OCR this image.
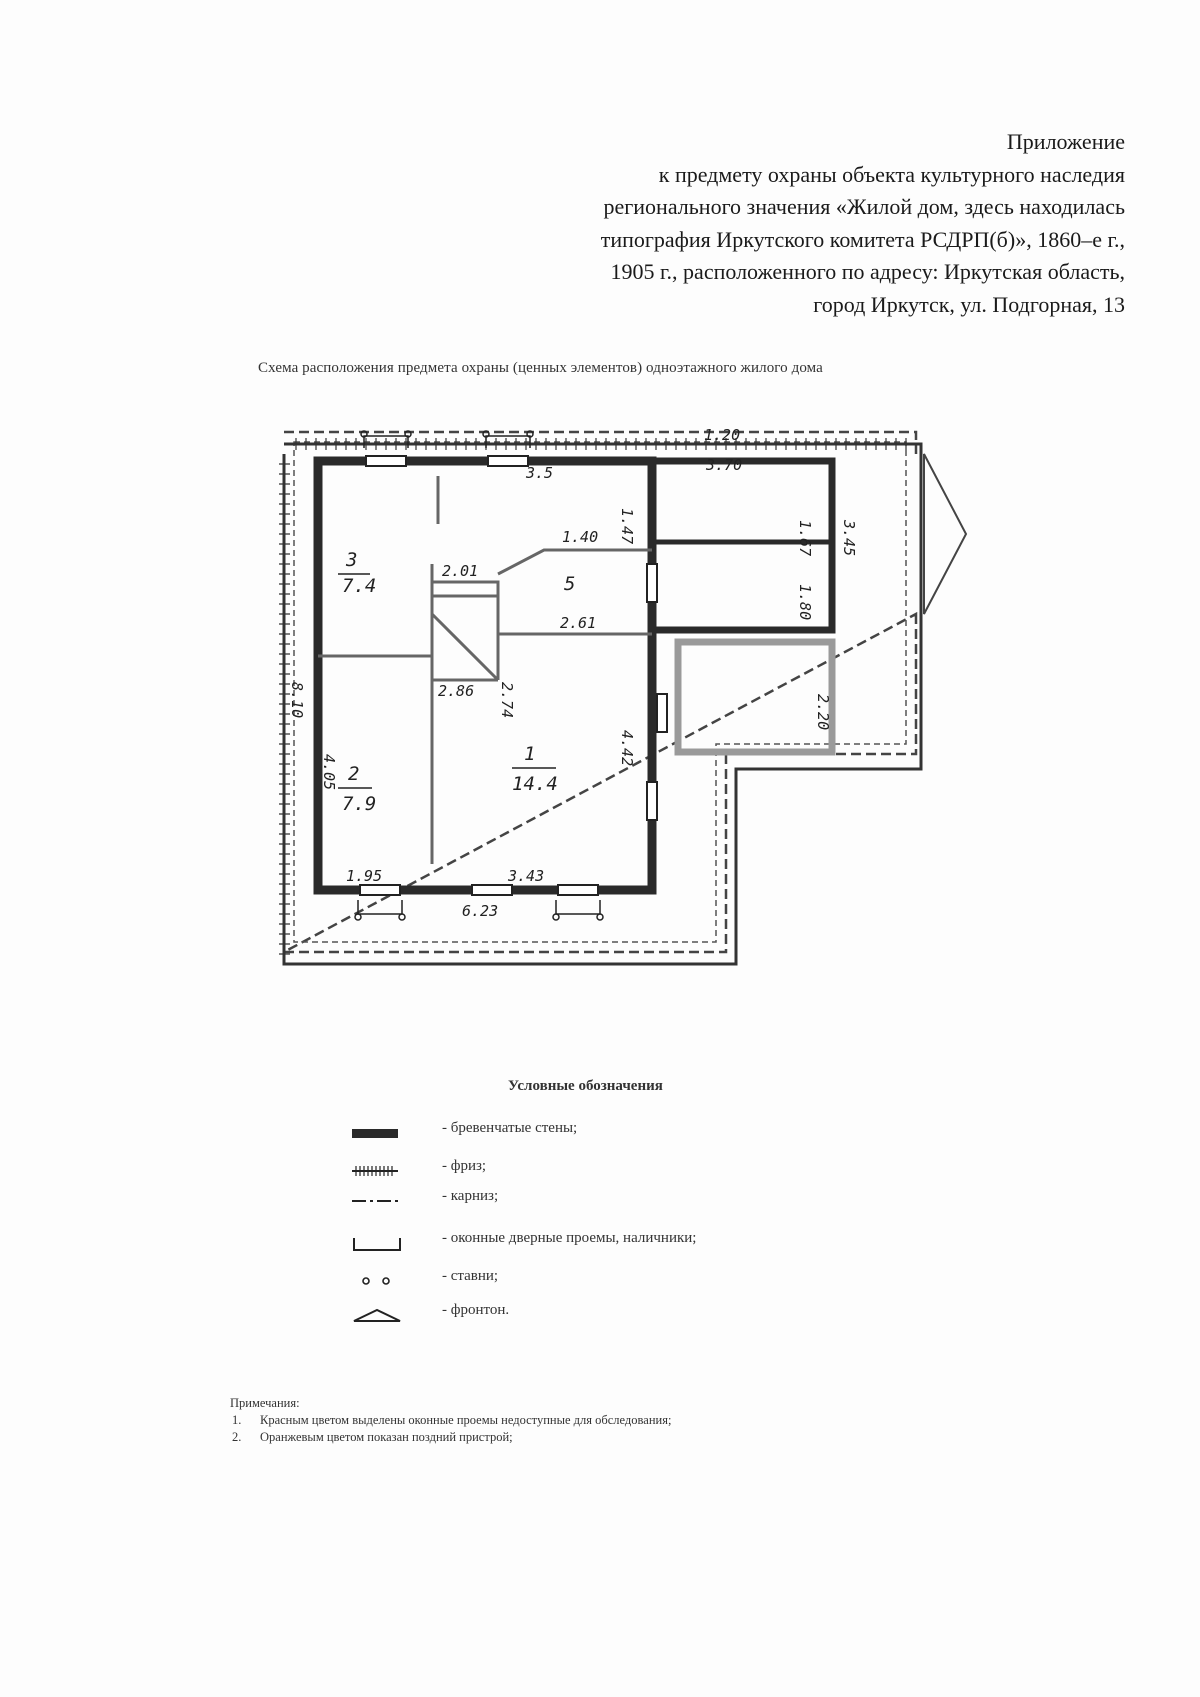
Приложение
к предмету охраны объекта культурного наследия
регионального значения «Жилой дом, здесь находилась
типография Иркутского комитета РСДРП(б)», 1860–е г.,
1905 г., расположенного по адресу: Иркутская область,
город Иркутск, ул. Подгорная, 13
Схема расположения предмета охраны (ценных элементов) одноэтажного жилого дома
1.20
3.70
1.67 3.45
1.80
2.20
8.10
4.05
1.95	3.43
6.23
4.42
2.01
1.40
2.86 2.74
2.61
1.47
3.5
3
7.4	5
1
14.4
2
7.9
Условные обозначения
- бревенчатые стены;
- фриз;
- карниз;
- оконные дверные проемы, наличники;
- ставни;
- фронтон.
Примечания:
1. Красным цветом выделены оконные проемы недоступные для обследования;
2. Оранжевым цветом показан поздний пристрой;
